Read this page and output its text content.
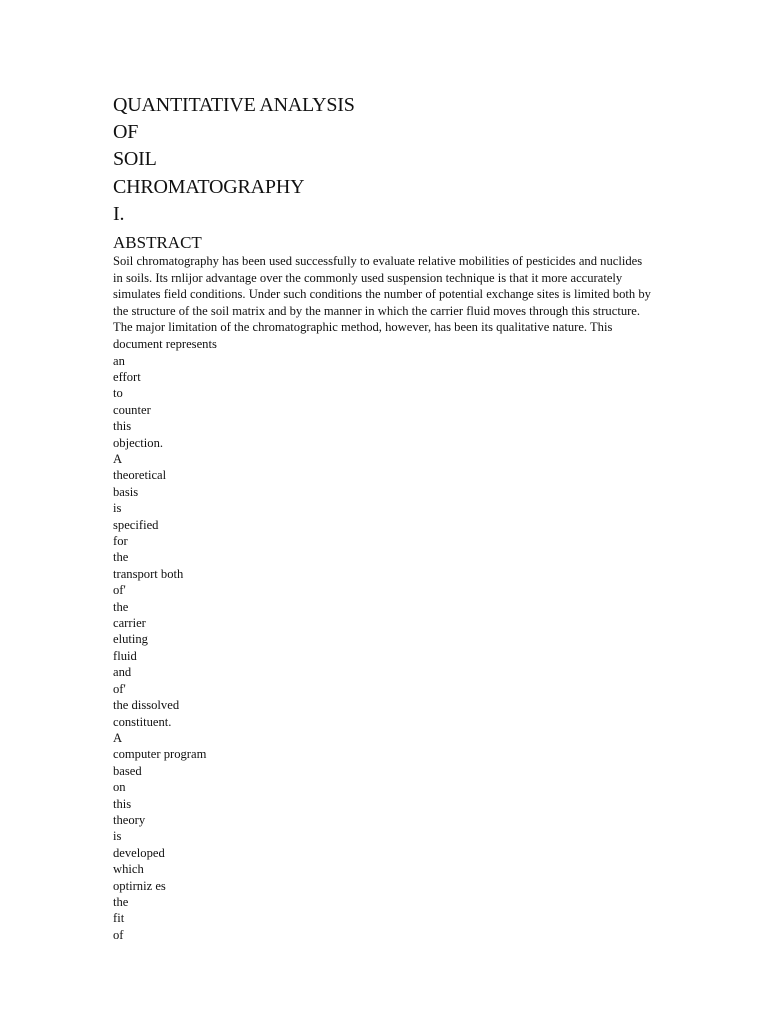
QUANTITATIVE ANALYSIS
OF
SOIL
CHROMATOGRAPHY
I.
ABSTRACT

Soil chromatography has been used successfully to evaluate relative mobilities of pesticides and nuclides in soils. Its rnlijor advantage over the commonly used suspension technique is that it more accurately simulates field conditions. Under such conditions the number of potential exchange sites is limited both by the structure of the soil matrix and by the manner in which the carrier fluid moves through this structure. The major limitation of the chromatographic method, however, has been its qualitative nature. This document represents

an
effort
to
counter
this
objection.
A
theoretical
basis
is
specified
for
the
transport both
of'
the
carrier
eluting
fluid
and
of'
the dissolved
constituent.
A
computer program
based
on
this
theory
is
developed
which
optirniz es
the
fit
of
